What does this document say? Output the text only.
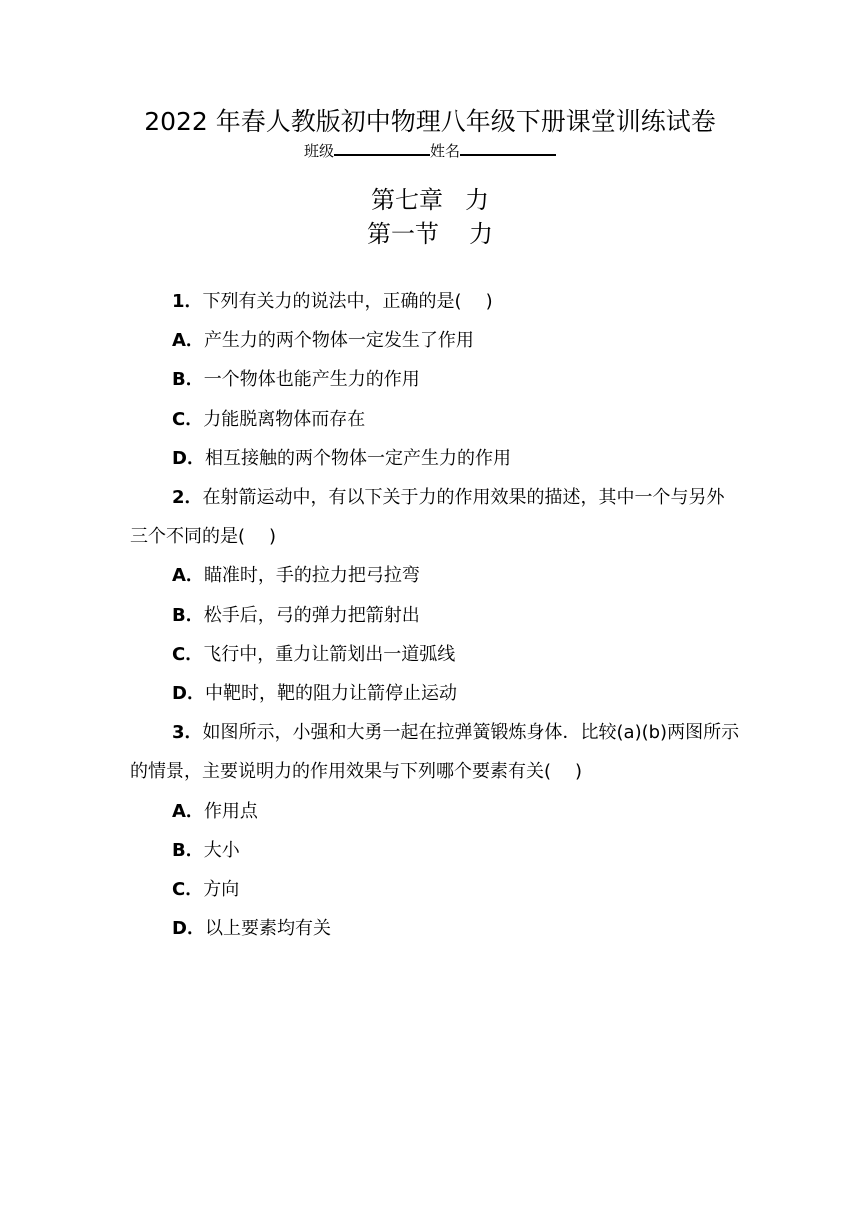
2022 年春人教版初中物理八年级下册课堂训练试卷
班级	姓名
第七章 力
第一节 力

1．下列有关力的说法中，正确的是( )

A．产生力的两个物体一定发生了作用

B．一个物体也能产生力的作用

C．力能脱离物体而存在

D．相互接触的两个物体一定产生力的作用

2．在射箭运动中，有以下关于力的作用效果的描述，其中一个与另外三个不同的是( )

A．瞄准时，手的拉力把弓拉弯

B．松手后，弓的弹力把箭射出

C．飞行中，重力让箭划出一道弧线

D．中靶时，靶的阻力让箭停止运动

3．如图所示，小强和大勇一起在拉弹簧锻炼身体．比较(a)(b)两图所示的情景，主要说明力的作用效果与下列哪个要素有关( )

A．作用点

B．大小

C．方向

D．以上要素均有关
